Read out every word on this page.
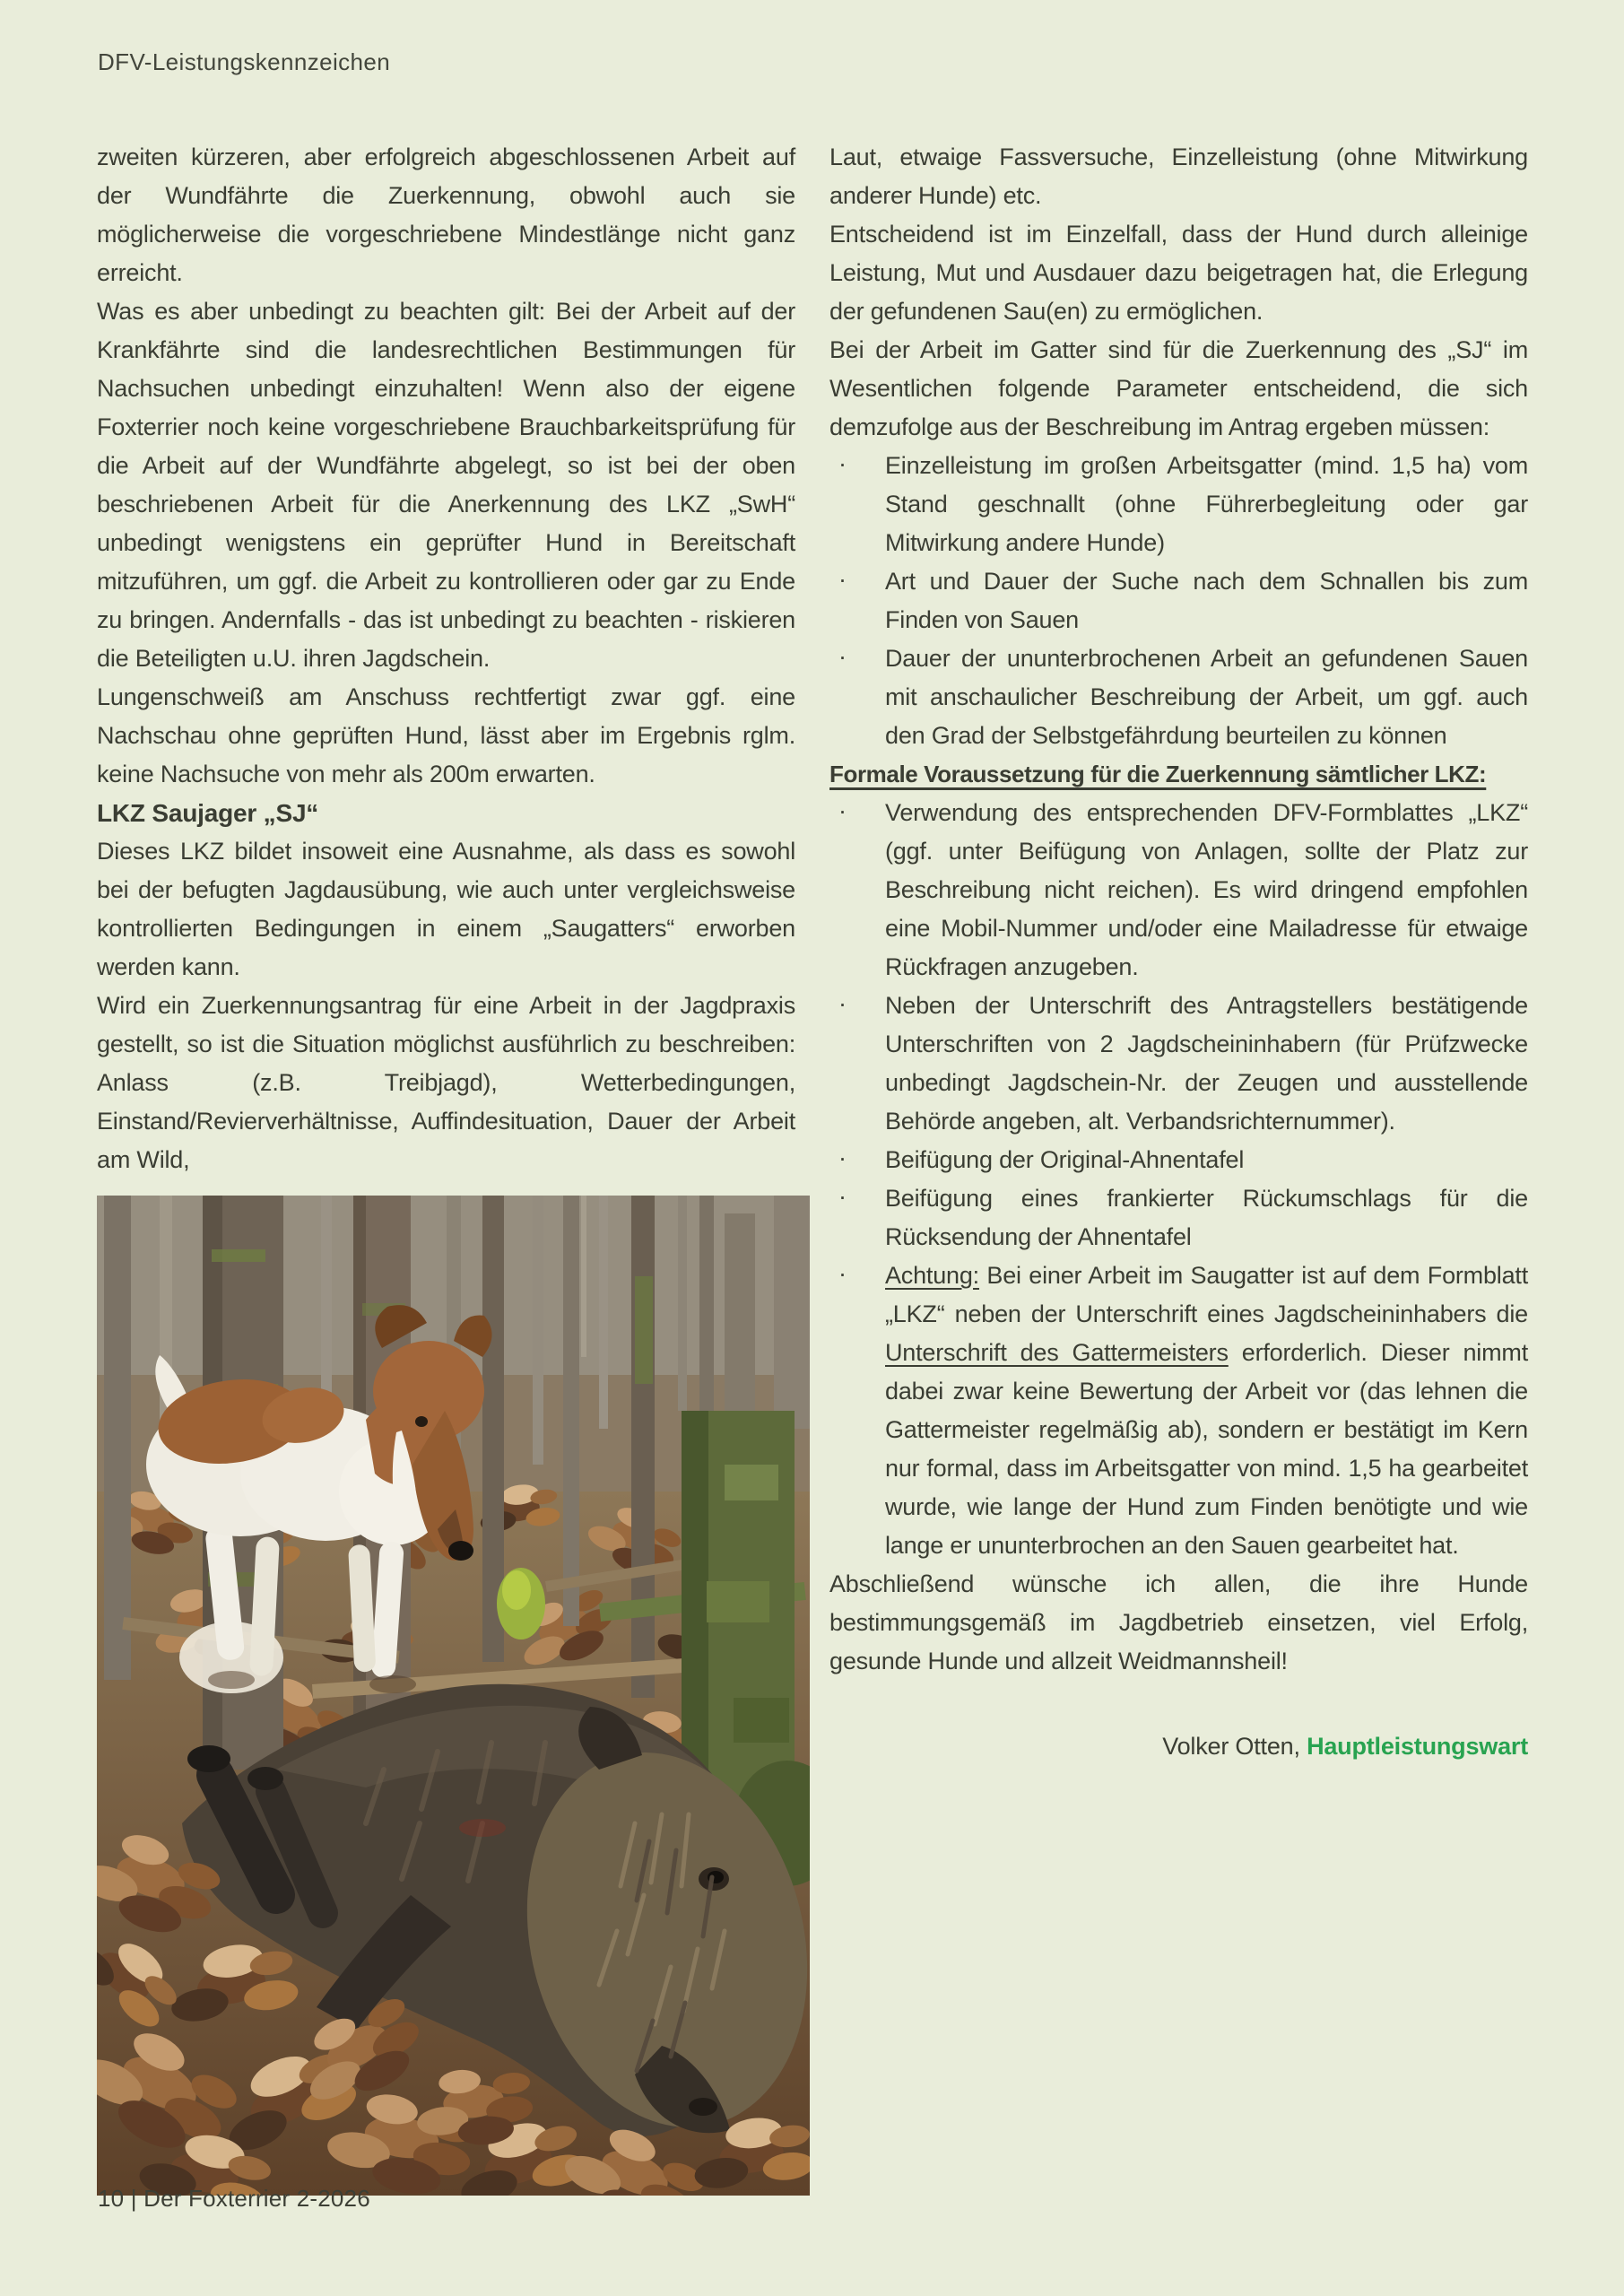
DFV-Leistungskennzeichen

zweiten kürzeren, aber erfolgreich abgeschlossenen Arbeit auf der Wundfährte die Zuerkennung, obwohl auch sie möglicherweise die vorgeschriebene Mindestlänge nicht ganz erreicht.

Was es aber unbedingt zu beachten gilt: Bei der Arbeit auf der Krankfährte sind die landesrechtlichen Bestimmungen für Nachsuchen unbedingt einzuhalten! Wenn also der eigene Foxterrier noch keine vorgeschriebene Brauchbarkeitsprüfung für die Arbeit auf der Wundfährte abgelegt, so ist bei der oben beschriebenen Arbeit für die Anerkennung des LKZ „SwH“ unbedingt wenigstens ein geprüfter Hund in Bereitschaft mitzuführen, um ggf. die Arbeit zu kontrollieren oder gar zu Ende zu bringen. Andernfalls - das ist unbedingt zu beachten - riskieren die Beteiligten u.U. ihren Jagdschein.

Lungenschweiß am Anschuss rechtfertigt zwar ggf. eine Nachschau ohne geprüften Hund, lässt aber im Ergebnis rglm. keine Nachsuche von mehr als 200m erwarten.

LKZ Saujager „SJ“

Dieses LKZ bildet insoweit eine Ausnahme, als dass es sowohl bei der befugten Jagdausübung, wie auch unter vergleichsweise kontrollierten Bedingungen in einem „Saugatters“ erworben werden kann.

Wird ein Zuerkennungsantrag für eine Arbeit in der Jagdpraxis gestellt, so ist die Situation möglichst ausführlich zu beschreiben: Anlass (z.B. Treibjagd), Wetterbedingungen, Einstand/Revierverhältnisse, Auffindesituation, Dauer der Arbeit am Wild,

Laut, etwaige Fassversuche, Einzelleistung (ohne Mitwirkung anderer Hunde) etc.

Entscheidend ist im Einzelfall, dass der Hund durch alleinige Leistung, Mut und Ausdauer dazu beigetragen hat, die Erlegung der gefundenen Sau(en) zu ermöglichen.

Bei der Arbeit im Gatter sind für die Zuerkennung des „SJ“ im Wesentlichen folgende Parameter entscheidend, die sich demzufolge aus der Beschreibung im Antrag ergeben müssen:

· Einzelleistung im großen Arbeitsgatter (mind. 1,5 ha) vom Stand geschnallt (ohne Führerbegleitung oder gar Mitwirkung andere Hunde)
· Art und Dauer der Suche nach dem Schnallen bis zum Finden von Sauen
· Dauer der ununterbrochenen Arbeit an gefundenen Sauen mit anschaulicher Beschreibung der Arbeit, um ggf. auch den Grad der Selbstgefährdung beurteilen zu können

Formale Voraussetzung für die Zuerkennung sämtlicher LKZ:

· Verwendung des entsprechenden DFV-Formblattes „LKZ“ (ggf. unter Beifügung von Anlagen, sollte der Platz zur Beschreibung nicht reichen). Es wird dringend empfohlen eine Mobil-Nummer und/oder eine Mailadresse für etwaige Rückfragen anzugeben.
· Neben der Unterschrift des Antragstellers bestätigende Unterschriften von 2 Jagdscheininhabern (für Prüfzwecke unbedingt Jagdschein-Nr. der Zeugen und ausstellende Behörde angeben, alt. Verbandsrichternummer).
· Beifügung der Original-Ahnentafel
· Beifügung eines frankierter Rückumschlags für die Rücksendung der Ahnentafel
· Achtung: Bei einer Arbeit im Saugatter ist auf dem Formblatt „LKZ“ neben der Unterschrift eines Jagdscheininhabers die Unterschrift des Gattermeisters erforderlich. Dieser nimmt dabei zwar keine Bewertung der Arbeit vor (das lehnen die Gattermeister regelmäßig ab), sondern er bestätigt im Kern nur formal, dass im Arbeitsgatter von mind. 1,5 ha gearbeitet wurde, wie lange der Hund zum Finden benötigte und wie lange er ununterbrochen an den Sauen gearbeitet hat.

Abschließend wünsche ich allen, die ihre Hunde bestimmungsgemäß im Jagdbetrieb einsetzen, viel Erfolg, gesunde Hunde und allzeit Weidmannsheil!

Volker Otten, Hauptleistungswart
10 | Der Foxterrier 2-2026
